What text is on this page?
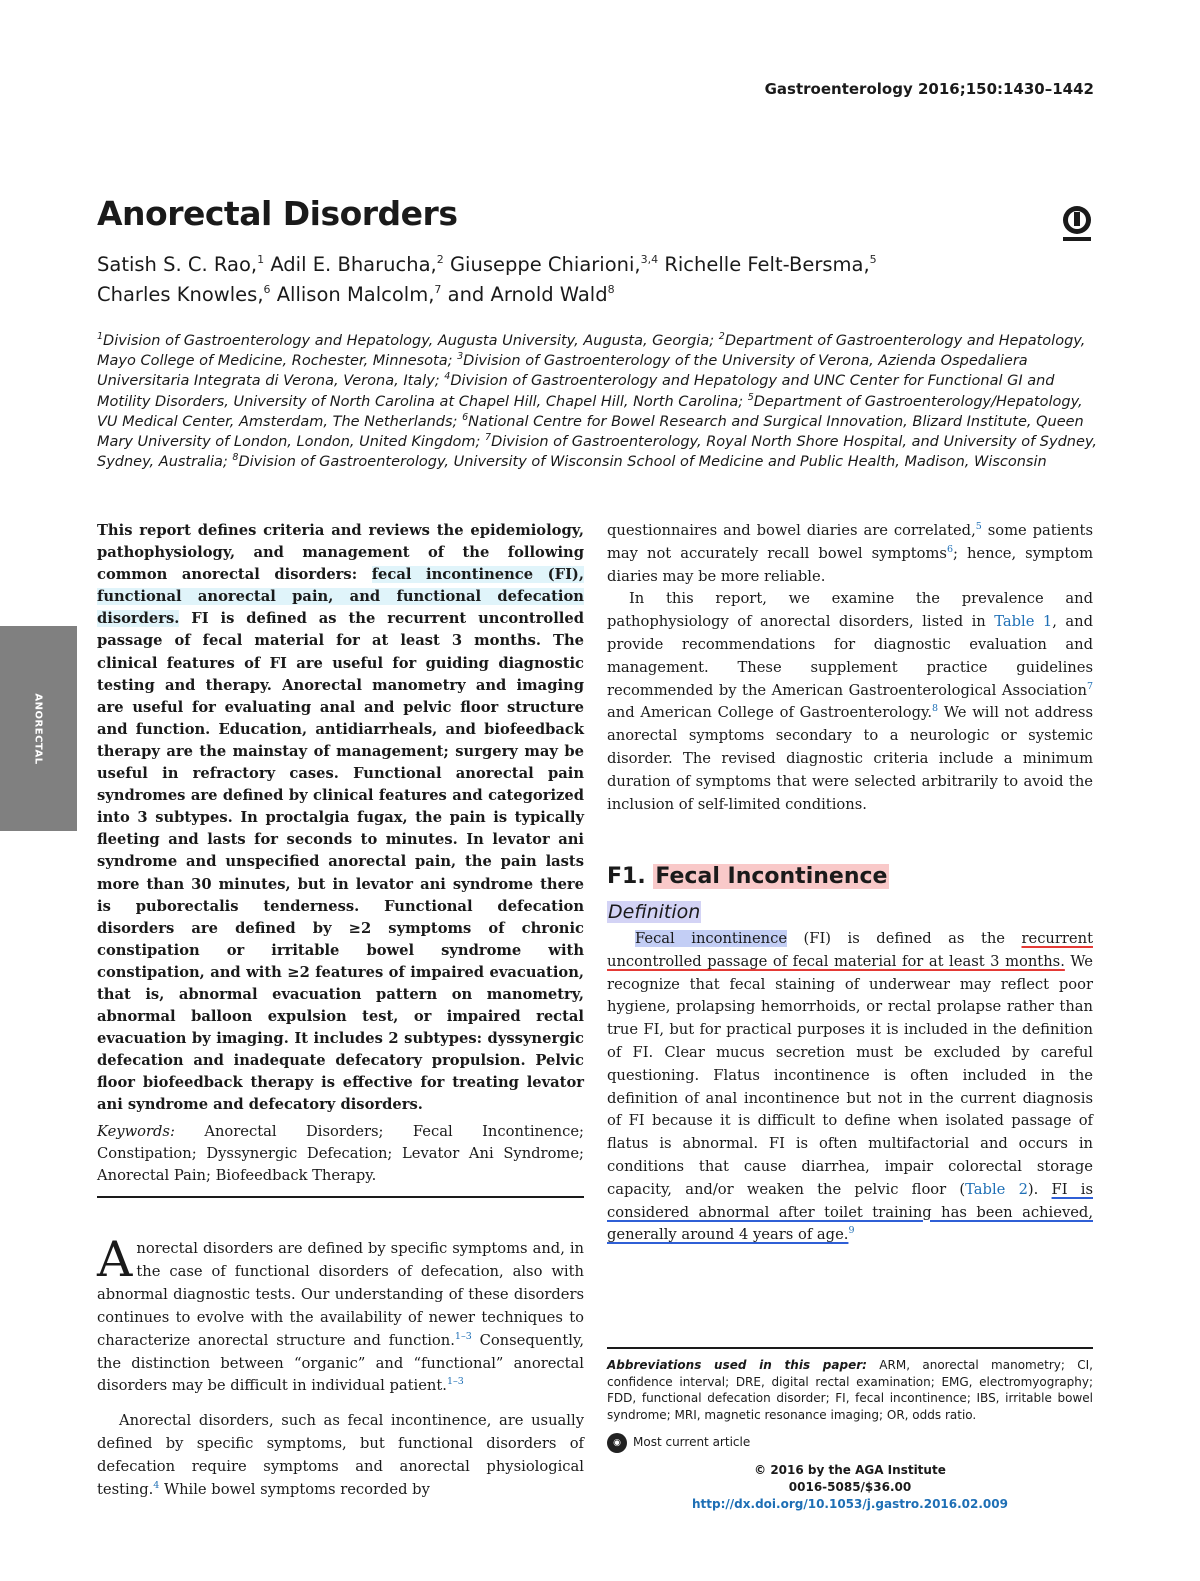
Gastroenterology 2016;150:1430–1442
Anorectal Disorders
Satish S. C. Rao,$^1$ Adil E. Bharucha,$^2$ Giuseppe Chiarioni,$^{3,4}$ Richelle Felt-Bersma,$^5$
Charles Knowles,$^6$ Allison Malcolm,$^7$ and Arnold Wald$^8$
$^1$Division of Gastroenterology and Hepatology, Augusta University, Augusta, Georgia; $^2$Department of Gastroenterology and Hepatology, Mayo College of Medicine, Rochester, Minnesota; $^3$Division of Gastroenterology of the University of Verona, Azienda Ospedaliera Universitaria Integrata di Verona, Verona, Italy; $^4$Division of Gastroenterology and Hepatology and UNC Center for Functional GI and Motility Disorders, University of North Carolina at Chapel Hill, Chapel Hill, North Carolina; $^5$Department of Gastroenterology/Hepatology, VU Medical Center, Amsterdam, The Netherlands; $^6$National Centre for Bowel Research and Surgical Innovation, Blizard Institute, Queen Mary University of London, London, United Kingdom; $^7$Division of Gastroenterology, Royal North Shore Hospital, and University of Sydney, Sydney, Australia; $^8$Division of Gastroenterology, University of Wisconsin School of Medicine and Public Health, Madison, Wisconsin
ANORECTAL
This report defines criteria and reviews the epidemiology, pathophysiology, and management of the following common anorectal disorders: fecal incontinence (FI), functional anorectal pain, and functional defecation disorders. FI is defined as the recurrent uncontrolled passage of fecal material for at least 3 months. The clinical features of FI are useful for guiding diagnostic testing and therapy. Anorectal manometry and imaging are useful for evaluating anal and pelvic floor structure and function. Education, antidiarrheals, and biofeedback therapy are the mainstay of management; surgery may be useful in refractory cases. Functional anorectal pain syndromes are defined by clinical features and categorized into 3 subtypes. In proctalgia fugax, the pain is typically fleeting and lasts for seconds to minutes. In levator ani syndrome and unspecified anorectal pain, the pain lasts more than 30 minutes, but in levator ani syndrome there is puborectalis tenderness. Functional defecation disorders are defined by ≥2 symptoms of chronic constipation or irritable bowel syndrome with constipation, and with ≥2 features of impaired evacuation, that is, abnormal evacuation pattern on manometry, abnormal balloon expulsion test, or impaired rectal evacuation by imaging. It includes 2 subtypes: dyssynergic defecation and inadequate defecatory propulsion. Pelvic floor biofeedback therapy is effective for treating levator ani syndrome and defecatory disorders.
Keywords: Anorectal Disorders; Fecal Incontinence; Constipation; Dyssynergic Defecation; Levator Ani Syndrome; Anorectal Pain; Biofeedback Therapy.

Anorectal disorders are defined by specific symptoms and, in the case of functional disorders of defecation, also with abnormal diagnostic tests. Our understanding of these disorders continues to evolve with the availability of newer techniques to characterize anorectal structure and function.$^{1-3}$ Consequently, the distinction between “organic” and “functional” anorectal disorders may be difficult in individual patient.$^{1-3}$

Anorectal disorders, such as fecal incontinence, are usually defined by specific symptoms, but functional disorders of defecation require symptoms and anorectal physiological testing.$^4$ While bowel symptoms recorded by

questionnaires and bowel diaries are correlated,$^5$ some patients may not accurately recall bowel symptoms$^6$; hence, symptom diaries may be more reliable.

In this report, we examine the prevalence and pathophysiology of anorectal disorders, listed in Table 1, and provide recommendations for diagnostic evaluation and management. These supplement practice guidelines recommended by the American Gastroenterological Association$^7$ and American College of Gastroenterology.$^8$ We will not address anorectal symptoms secondary to a neurologic or systemic disorder. The revised diagnostic criteria include a minimum duration of symptoms that were selected arbitrarily to avoid the inclusion of self-limited conditions.

F1. Fecal Incontinence
Definition

Fecal incontinence (FI) is defined as the recurrent uncontrolled passage of fecal material for at least 3 months. We recognize that fecal staining of underwear may reflect poor hygiene, prolapsing hemorrhoids, or rectal prolapse rather than true FI, but for practical purposes it is included in the definition of FI. Clear mucus secretion must be excluded by careful questioning. Flatus incontinence is often included in the definition of anal incontinence but not in the current diagnosis of FI because it is difficult to define when isolated passage of flatus is abnormal. FI is often multifactorial and occurs in conditions that cause diarrhea, impair colorectal storage capacity, and/or weaken the pelvic floor (Table 2). FI is considered abnormal after toilet training has been achieved, generally around 4 years of age.$^9$

Abbreviations used in this paper: ARM, anorectal manometry; CI, confidence interval; DRE, digital rectal examination; EMG, electromyography; FDD, functional defecation disorder; FI, fecal incontinence; IBS, irritable bowel syndrome; MRI, magnetic resonance imaging; OR, odds ratio.
◉ Most current article
© 2016 by the AGA Institute
0016-5085/$36.00
http://dx.doi.org/10.1053/j.gastro.2016.02.009
